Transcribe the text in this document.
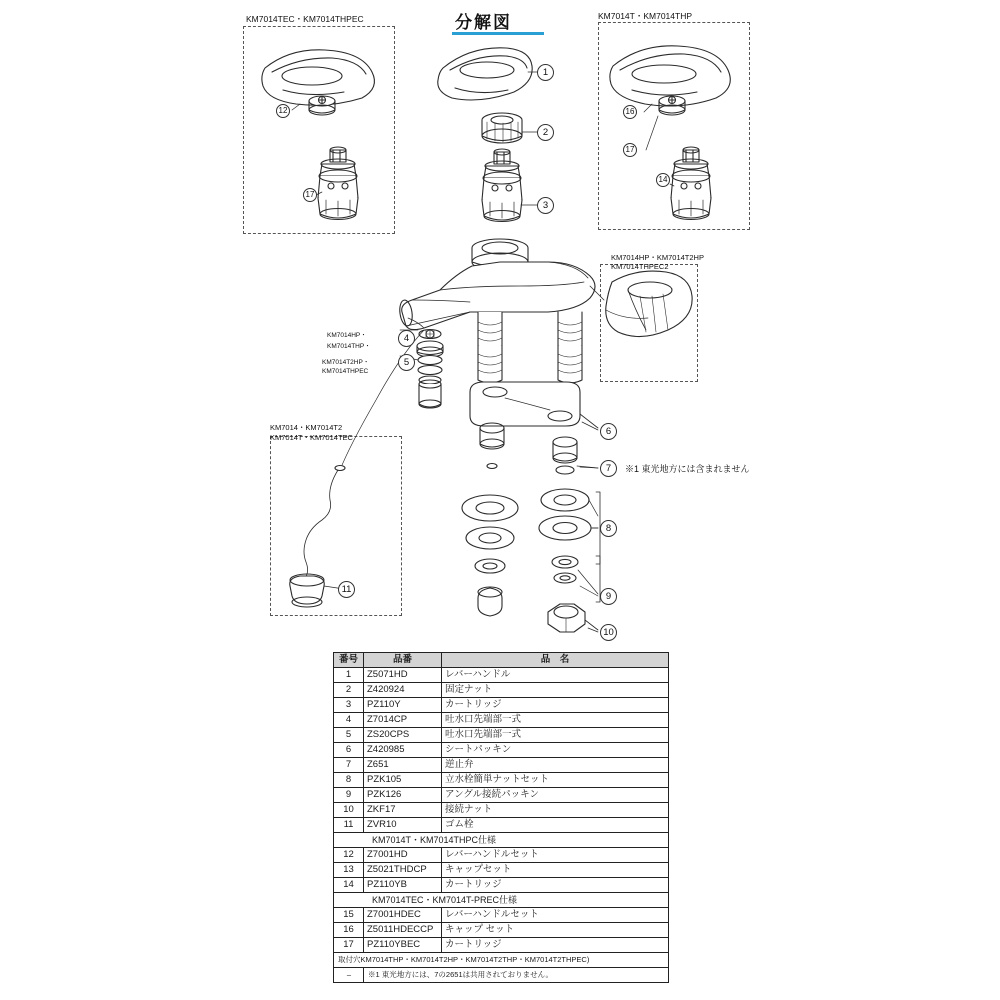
分解図
KM7014TEC・KM7014THPEC	KM7014T・KM7014THP
KM7014HP・KM7014T2HP
KM7014THPEC2
KM7014・KM7014T2
KM7014T・KM7014TEC
KM7014HP・
KM7014THP・
KM7014T2HP・
KM7014THPEC
1
2
3
4
5
6
7
8
9
10
11
12
17
16
17
14
※1 東光地方には含まれません
番号	品番	品　名
1	Z5071HD	レバーハンドル
2	Z420924	固定ナット
3	PZ110Y	カートリッジ
4	Z7014CP	吐水口先端部一式
5	ZS20CPS	吐水口先端部一式
6	Z420985	シートパッキン
7	Z651	逆止弁
8	PZK105	立水栓簡単ナットセット
9	PZK126	アングル接続パッキン
10	ZKF17	接続ナット
11	ZVR10	ゴム栓
KM7014T・KM7014THPC仕様		
12	Z7001HD	レバーハンドルセット
13	Z5021THDCP	キャップセット
14	PZ110YB	カートリッジ
KM7014TEC・KM7014T-PREC仕様		
15	Z7001HDEC	レバーハンドルセット
16	Z5011HDECCP	キャップ セット
17	PZ110YBEC	カートリッジ
取付穴KM7014THP・KM7014T2HP・KM7014T2THP・KM7014T2THPEC)		
–	※1 東光地方には、7の2651は共用されておりません。	
